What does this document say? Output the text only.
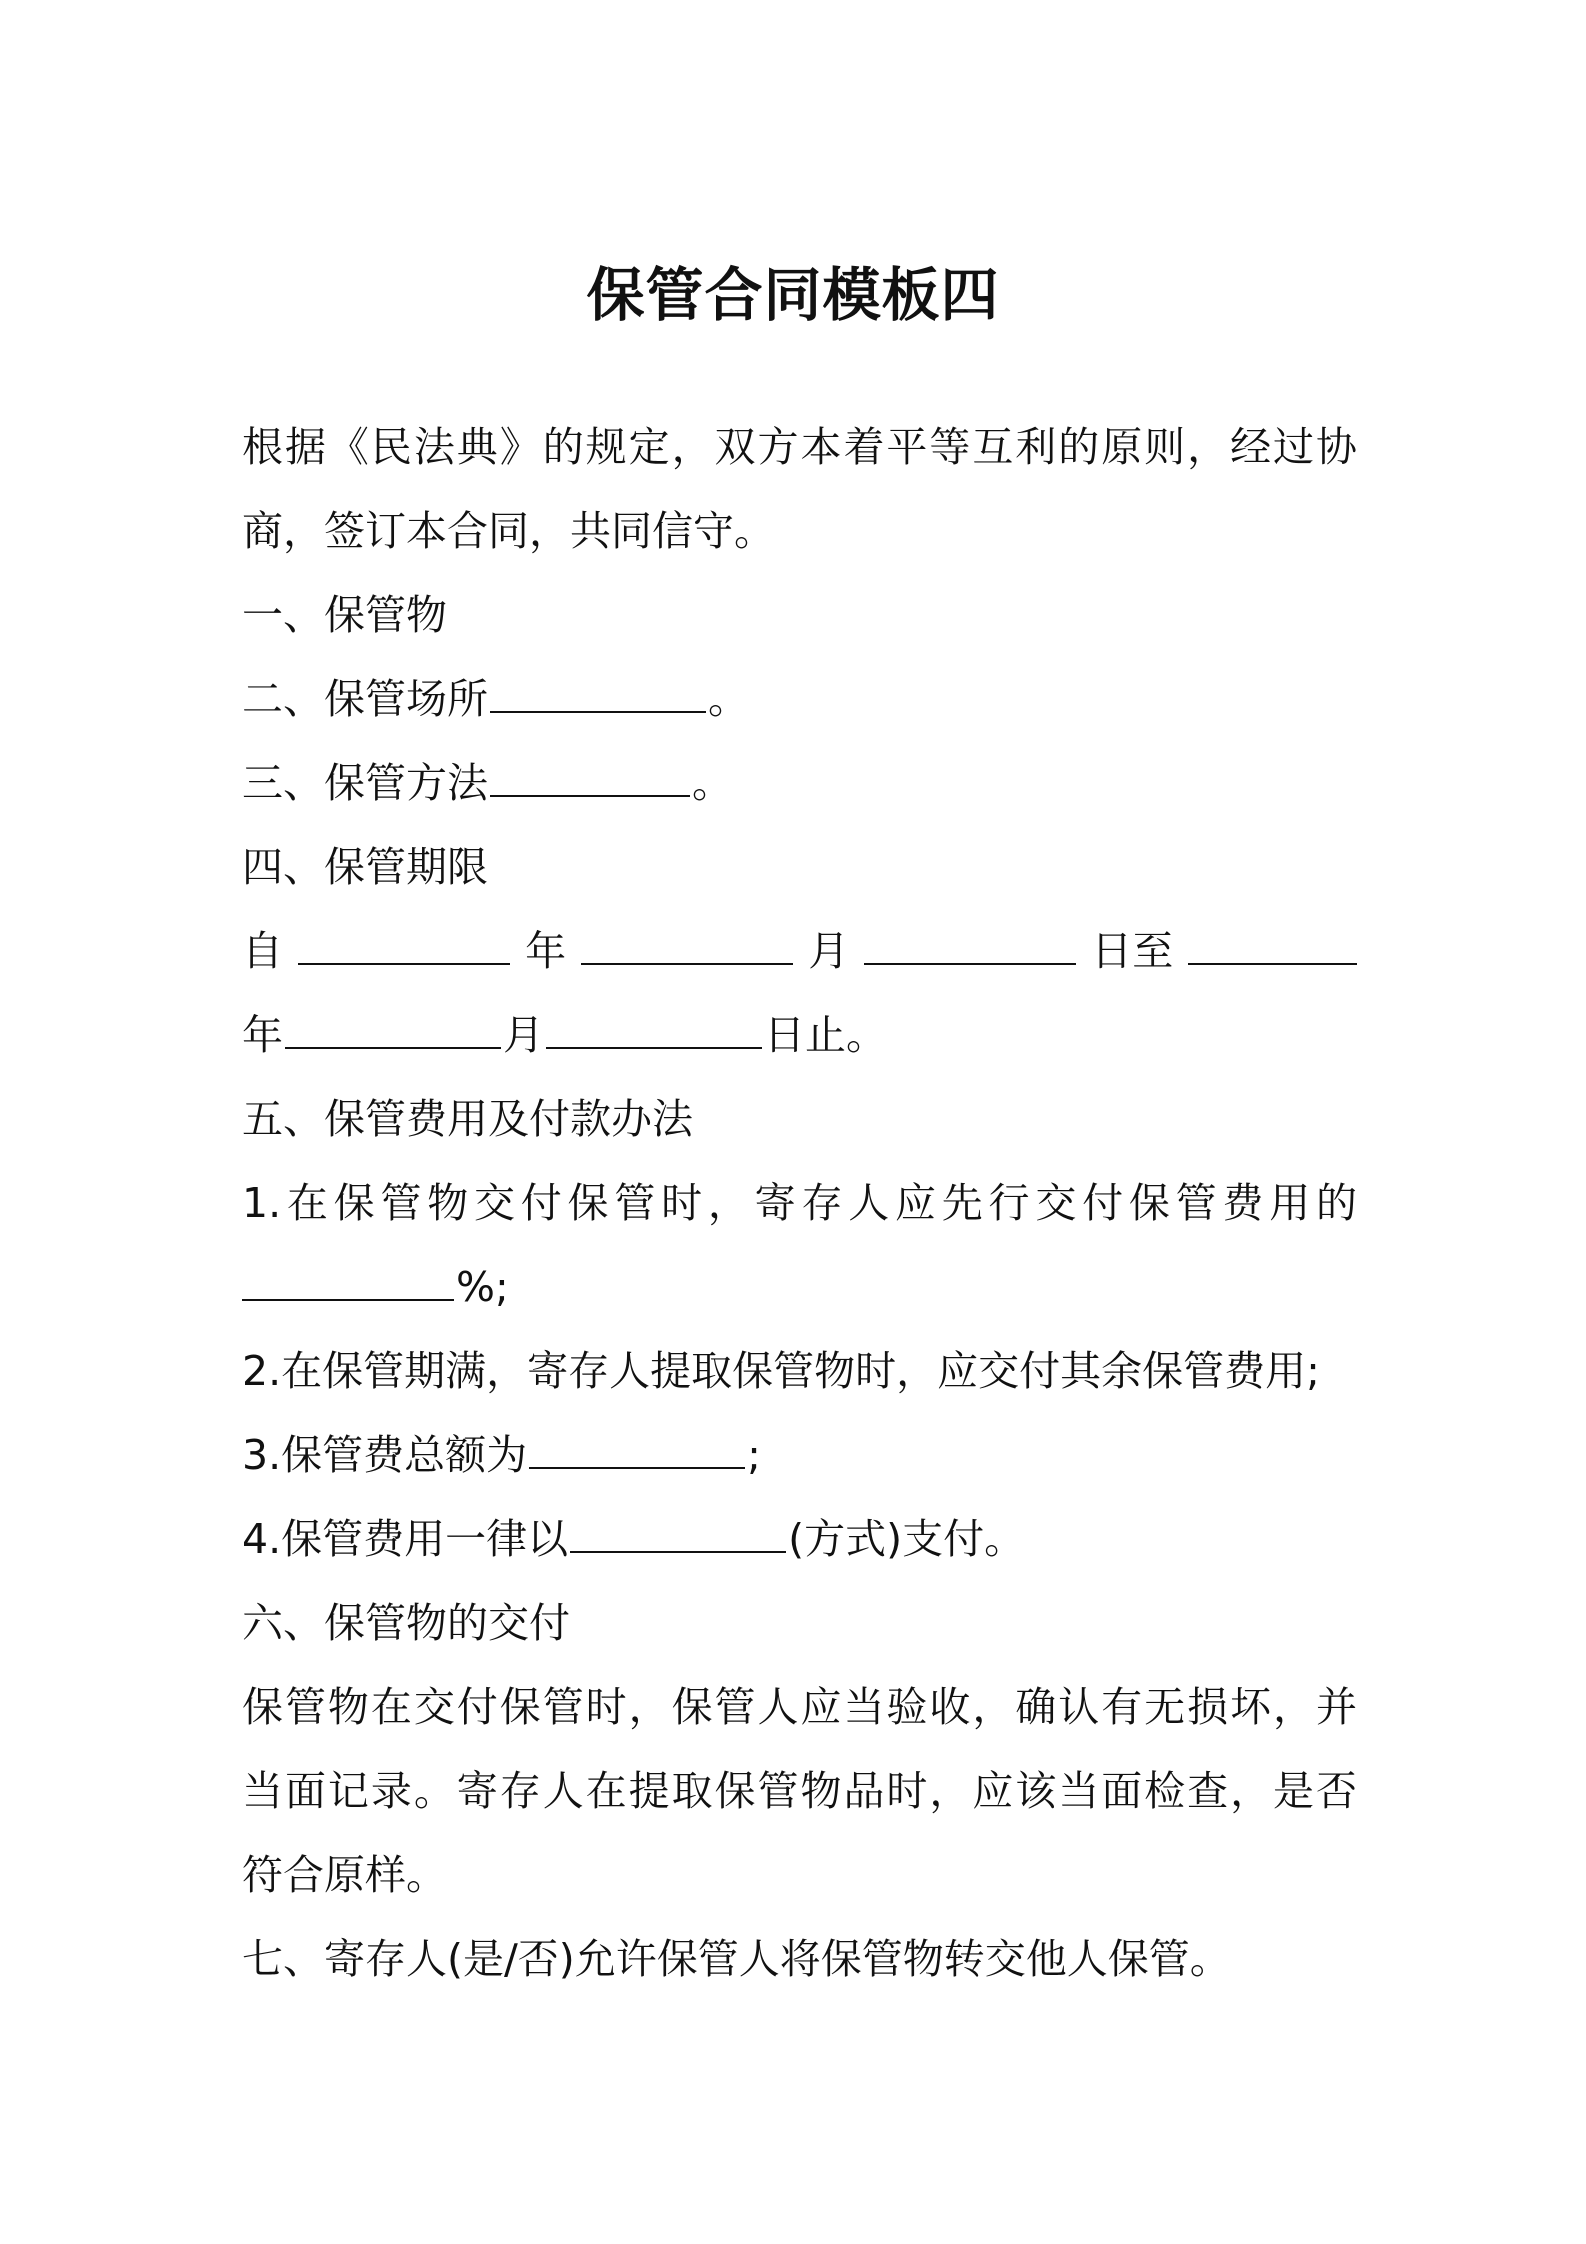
保管合同模板四
根据《民法典》的规定，双方本着平等互利的原则，经过协
商，签订本合同，共同信守。
一、保管物
二、保管场所	。
三、保管方法	。
四、保管期限
自	年	月	日至
年	月	日止。
五、保管费用及付款办法
1.在保管物交付保管时，寄存人应先行交付保管费用的
%;
2.在保管期满，寄存人提取保管物时，应交付其余保管费用;
3.保管费总额为	;
4.保管费用一律以	(方式)支付。
六、保管物的交付
保管物在交付保管时，保管人应当验收，确认有无损坏，并
当面记录。寄存人在提取保管物品时，应该当面检查，是否
符合原样。
七、寄存人(是/否)允许保管人将保管物转交他人保管。
